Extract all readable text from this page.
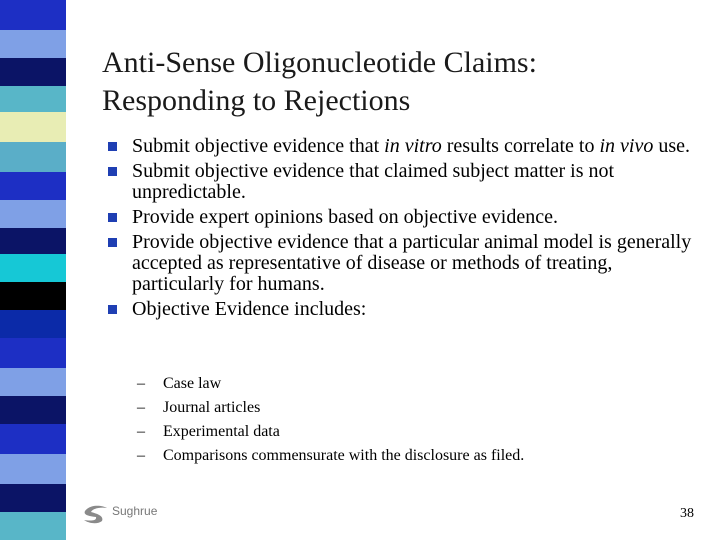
Anti-Sense Oligonucleotide Claims:
Responding to Rejections
Submit objective evidence that in vitro results correlate to in vivo use.
Submit objective evidence that claimed subject matter is not unpredictable.
Provide expert opinions based on objective evidence.
Provide objective evidence that a particular animal model is generally accepted as representative of disease or methods of treating, particularly for humans.
Objective Evidence includes:
– Case law
– Journal articles
– Experimental data
– Comparisons commensurate with the disclosure as filed.
Sughrue	38
